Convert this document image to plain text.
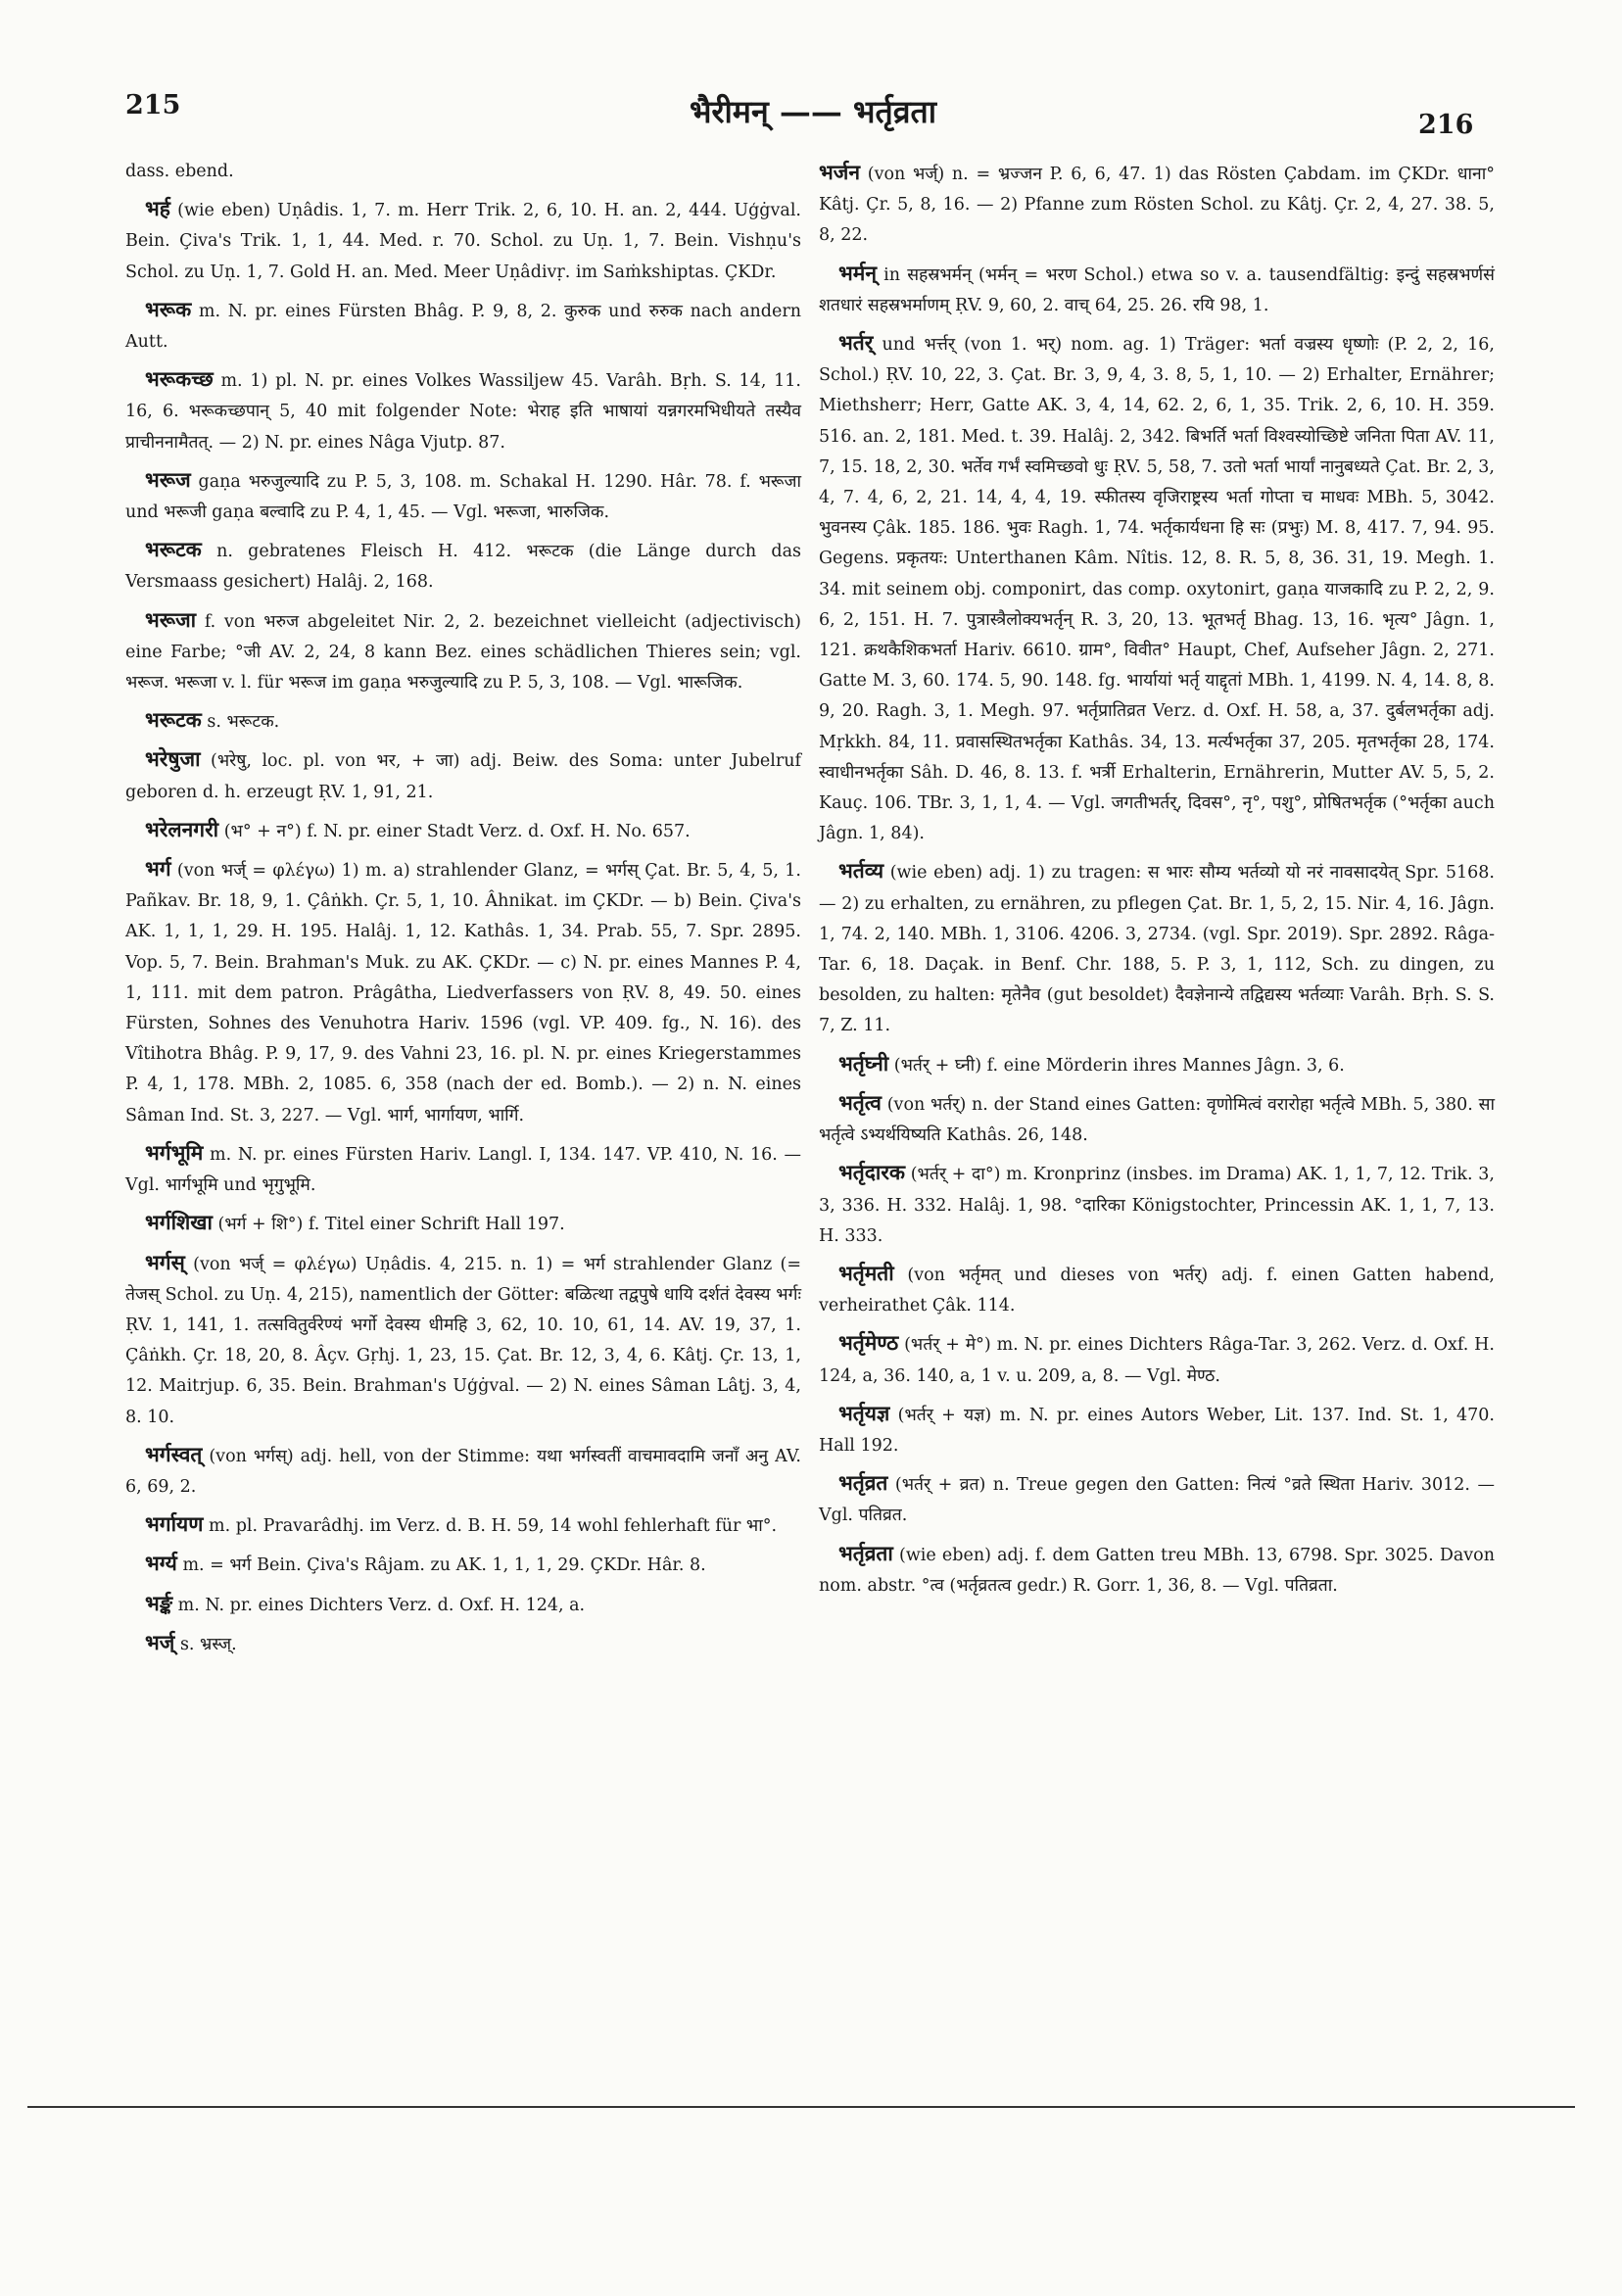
215	भैरीमन् —— भर्तृव्रता	216

dass. ebend.

भर्ह (wie eben) Uṇâdis. 1, 7. m. Herr Trik. 2, 6, 10. H. an. 2, 444. Uģġval. Bein. Çiva's Trik. 1, 1, 44. Med. r. 70. Schol. zu Uṇ. 1, 7. Bein. Vishṇu's Schol. zu Uṇ. 1, 7. Gold H. an. Med. Meer Uṇâdivṛ. im Saṁkshiptas. ÇKDr.

भरूक m. N. pr. eines Fürsten Bhâg. P. 9, 8, 2. कुरुक und रुरुक nach andern Autt.

भरूकच्छ m. 1) pl. N. pr. eines Volkes Wassiljew 45. Varâh. Bṛh. S. 14, 11. 16, 6. भरूकच्छपान् 5, 40 mit folgender Note: भेराह इति भाषायां यन्नगरमभिधीयते तस्यैव प्राचीननामैतत्. — 2) N. pr. eines Nâga Vjutp. 87.

भरूज gaṇa भरुजुल्यादि zu P. 5, 3, 108. m. Schakal H. 1290. Hâr. 78. f. भरूजा und भरूजी gaṇa बल्वादि zu P. 4, 1, 45. — Vgl. भरूजा, भारुजिक.

भरूटक n. gebratenes Fleisch H. 412. भरूटक (die Länge durch das Versmaass gesichert) Halâj. 2, 168.

भरूजा f. von भरुज abgeleitet Nir. 2, 2. bezeichnet vielleicht (adjectivisch) eine Farbe; °जी AV. 2, 24, 8 kann Bez. eines schädlichen Thieres sein; vgl. भरूज. भरूजा v. l. für भरूज im gaṇa भरुजुल्यादि zu P. 5, 3, 108. — Vgl. भारूजिक.

भरूटक s. भरूटक.

भरेषुजा (भरेषु, loc. pl. von भर, + जा) adj. Beiw. des Soma: unter Jubelruf geboren d. h. erzeugt ṚV. 1, 91, 21.

भरेलनगरी (भ° + न°) f. N. pr. einer Stadt Verz. d. Oxf. H. No. 657.

भर्ग (von भर्ज् = φλέγω) 1) m. a) strahlender Glanz, = भर्गस् Çat. Br. 5, 4, 5, 1. Pañkav. Br. 18, 9, 1. Çâṅkh. Çr. 5, 1, 10. Âhnikat. im ÇKDr. — b) Bein. Çiva's AK. 1, 1, 1, 29. H. 195. Halâj. 1, 12. Kathâs. 1, 34. Prab. 55, 7. Spr. 2895. Vop. 5, 7. Bein. Brahman's Muk. zu AK. ÇKDr. — c) N. pr. eines Mannes P. 4, 1, 111. mit dem patron. Prâgâtha, Liedverfassers von ṚV. 8, 49. 50. eines Fürsten, Sohnes des Venuhotra Hariv. 1596 (vgl. VP. 409. fg., N. 16). des Vîtihotra Bhâg. P. 9, 17, 9. des Vahni 23, 16. pl. N. pr. eines Kriegerstammes P. 4, 1, 178. MBh. 2, 1085. 6, 358 (nach der ed. Bomb.). — 2) n. N. eines Sâman Ind. St. 3, 227. — Vgl. भार्ग, भार्गायण, भार्गि.

भर्गभूमि m. N. pr. eines Fürsten Hariv. Langl. I, 134. 147. VP. 410, N. 16. — Vgl. भार्गभूमि und भृगुभूमि.

भर्गशिखा (भर्ग + शि°) f. Titel einer Schrift Hall 197.

भर्गस् (von भर्ज् = φλέγω) Uṇâdis. 4, 215. n. 1) = भर्ग strahlender Glanz (= तेजस् Schol. zu Uṇ. 4, 215), namentlich der Götter: बळित्था तद्वपुषे धायि दर्शतं देवस्य भर्गः ṚV. 1, 141, 1. तत्सवितुर्वरेण्यं भर्गो देवस्य धीमहि 3, 62, 10. 10, 61, 14. AV. 19, 37, 1. Çâṅkh. Çr. 18, 20, 8. Âçv. Gṛhj. 1, 23, 15. Çat. Br. 12, 3, 4, 6. Kâtj. Çr. 13, 1, 12. Maitrjup. 6, 35. Bein. Brahman's Uģġval. — 2) N. eines Sâman Lâṭj. 3, 4, 8. 10.

भर्गस्वत् (von भर्गस्) adj. hell, von der Stimme: यथा भर्गस्वतीं वाचमावदामि जनाँ अनु AV. 6, 69, 2.

भर्गायण m. pl. Pravarâdhj. im Verz. d. B. H. 59, 14 wohl fehlerhaft für भा°.

भर्ग्य m. = भर्ग Bein. Çiva's Râjam. zu AK. 1, 1, 1, 29. ÇKDr. Hâr. 8.

भर्ङ्क m. N. pr. eines Dichters Verz. d. Oxf. H. 124, a.

भर्ज् s. भ्रस्ज्.

भर्जन (von भर्ज्) n. = भ्रज्जन P. 6, 6, 47. 1) das Rösten Çabdam. im ÇKDr. धाना° Kâtj. Çr. 5, 8, 16. — 2) Pfanne zum Rösten Schol. zu Kâtj. Çr. 2, 4, 27. 38. 5, 8, 22.

भर्मन् in सहस्रभर्मन् (भर्मन् = भरण Schol.) etwa so v. a. tausendfältig: इन्दुं सहस्रभर्णसं शतधारं सहस्रभर्माणम् ṚV. 9, 60, 2. वाच् 64, 25. 26. रयि 98, 1.

भर्तर् und भर्त्तर् (von 1. भर्) nom. ag. 1) Träger: भर्ता वज्रस्य धृष्णोः (P. 2, 2, 16, Schol.) ṚV. 10, 22, 3. Çat. Br. 3, 9, 4, 3. 8, 5, 1, 10. — 2) Erhalter, Ernährer; Miethsherr; Herr, Gatte AK. 3, 4, 14, 62. 2, 6, 1, 35. Trik. 2, 6, 10. H. 359. 516. an. 2, 181. Med. t. 39. Halâj. 2, 342. बिभर्ति भर्ता विश्वस्योच्छिष्टे जनिता पिता AV. 11, 7, 15. 18, 2, 30. भर्तेव गर्भं स्वमिच्छवो धुः ṚV. 5, 58, 7. उतो भर्ता भार्यां नानुबध्यते Çat. Br. 2, 3, 4, 7. 4, 6, 2, 21. 14, 4, 4, 19. स्फीतस्य वृजिराष्ट्रस्य भर्ता गोप्ता च माधवः MBh. 5, 3042. भुवनस्य Çâk. 185. 186. भुवः Ragh. 1, 74. भर्तृकार्यधना हि सः (प्रभुः) M. 8, 417. 7, 94. 95. Gegens. प्रकृतयः: Unterthanen Kâm. Nîtis. 12, 8. R. 5, 8, 36. 31, 19. Megh. 1. 34. mit seinem obj. componirt, das comp. oxytonirt, gaṇa याजकादि zu P. 2, 2, 9. 6, 2, 151. H. 7. पुत्रास्त्रैलोक्यभर्तृन् R. 3, 20, 13. भूतभर्तृ Bhag. 13, 16. भृत्य° Jâgn. 1, 121. क्रथकैशिकभर्ता Hariv. 6610. ग्राम°, विवीत° Haupt, Chef, Aufseher Jâgn. 2, 271. Gatte M. 3, 60. 174. 5, 90. 148. fg. भार्यायां भर्तृ याद्दृतां MBh. 1, 4199. N. 4, 14. 8, 8. 9, 20. Ragh. 3, 1. Megh. 97. भर्तृप्रातिव्रत Verz. d. Oxf. H. 58, a, 37. दुर्बलभर्तृका adj. Mṛkkh. 84, 11. प्रवासस्थितभर्तृका Kathâs. 34, 13. मर्त्यभर्तृका 37, 205. मृतभर्तृका 28, 174. स्वाधीनभर्तृका Sâh. D. 46, 8. 13. f. भर्त्री Erhalterin, Ernährerin, Mutter AV. 5, 5, 2. Kauç. 106. TBr. 3, 1, 1, 4. — Vgl. जगतीभर्तर्, दिवस°, नृ°, पशु°, प्रोषितभर्तृक (°भर्तृका auch Jâgn. 1, 84).

भर्तव्य (wie eben) adj. 1) zu tragen: स भारः सौम्य भर्तव्यो यो नरं नावसादयेत् Spr. 5168. — 2) zu erhalten, zu ernähren, zu pflegen Çat. Br. 1, 5, 2, 15. Nir. 4, 16. Jâgn. 1, 74. 2, 140. MBh. 1, 3106. 4206. 3, 2734. (vgl. Spr. 2019). Spr. 2892. Râga-Tar. 6, 18. Daçak. in Benf. Chr. 188, 5. P. 3, 1, 112, Sch. zu dingen, zu besolden, zu halten: मृतेनैव (gut besoldet) दैवज्ञेनान्ये तद्विद्यस्य भर्तव्याः Varâh. Bṛh. S. S. 7, Z. 11.

भर्तृघ्नी (भर्तर् + घ्नी) f. eine Mörderin ihres Mannes Jâgn. 3, 6.

भर्तृत्व (von भर्तर्) n. der Stand eines Gatten: वृणोमित्वं वरारोहा भर्तृत्वे MBh. 5, 380. सा भर्तृत्वे ऽभ्यर्थयिष्यति Kathâs. 26, 148.

भर्तृदारक (भर्तर् + दा°) m. Kronprinz (insbes. im Drama) AK. 1, 1, 7, 12. Trik. 3, 3, 336. H. 332. Halâj. 1, 98. °दारिका Königstochter, Princessin AK. 1, 1, 7, 13. H. 333.

भर्तृमती (von भर्तृमत् und dieses von भर्तर्) adj. f. einen Gatten habend, verheirathet Çâk. 114.

भर्तृमेण्ठ (भर्तर् + मे°) m. N. pr. eines Dichters Râga-Tar. 3, 262. Verz. d. Oxf. H. 124, a, 36. 140, a, 1 v. u. 209, a, 8. — Vgl. मेण्ठ.

भर्तृयज्ञ (भर्तर् + यज्ञ) m. N. pr. eines Autors Weber, Lit. 137. Ind. St. 1, 470. Hall 192.

भर्तृव्रत (भर्तर् + व्रत) n. Treue gegen den Gatten: नित्यं °व्रते स्थिता Hariv. 3012. — Vgl. पतिव्रत.

भर्तृव्रता (wie eben) adj. f. dem Gatten treu MBh. 13, 6798. Spr. 3025. Davon nom. abstr. °त्व (भर्तृव्रतत्व gedr.) R. Gorr. 1, 36, 8. — Vgl. पतिव्रता.
